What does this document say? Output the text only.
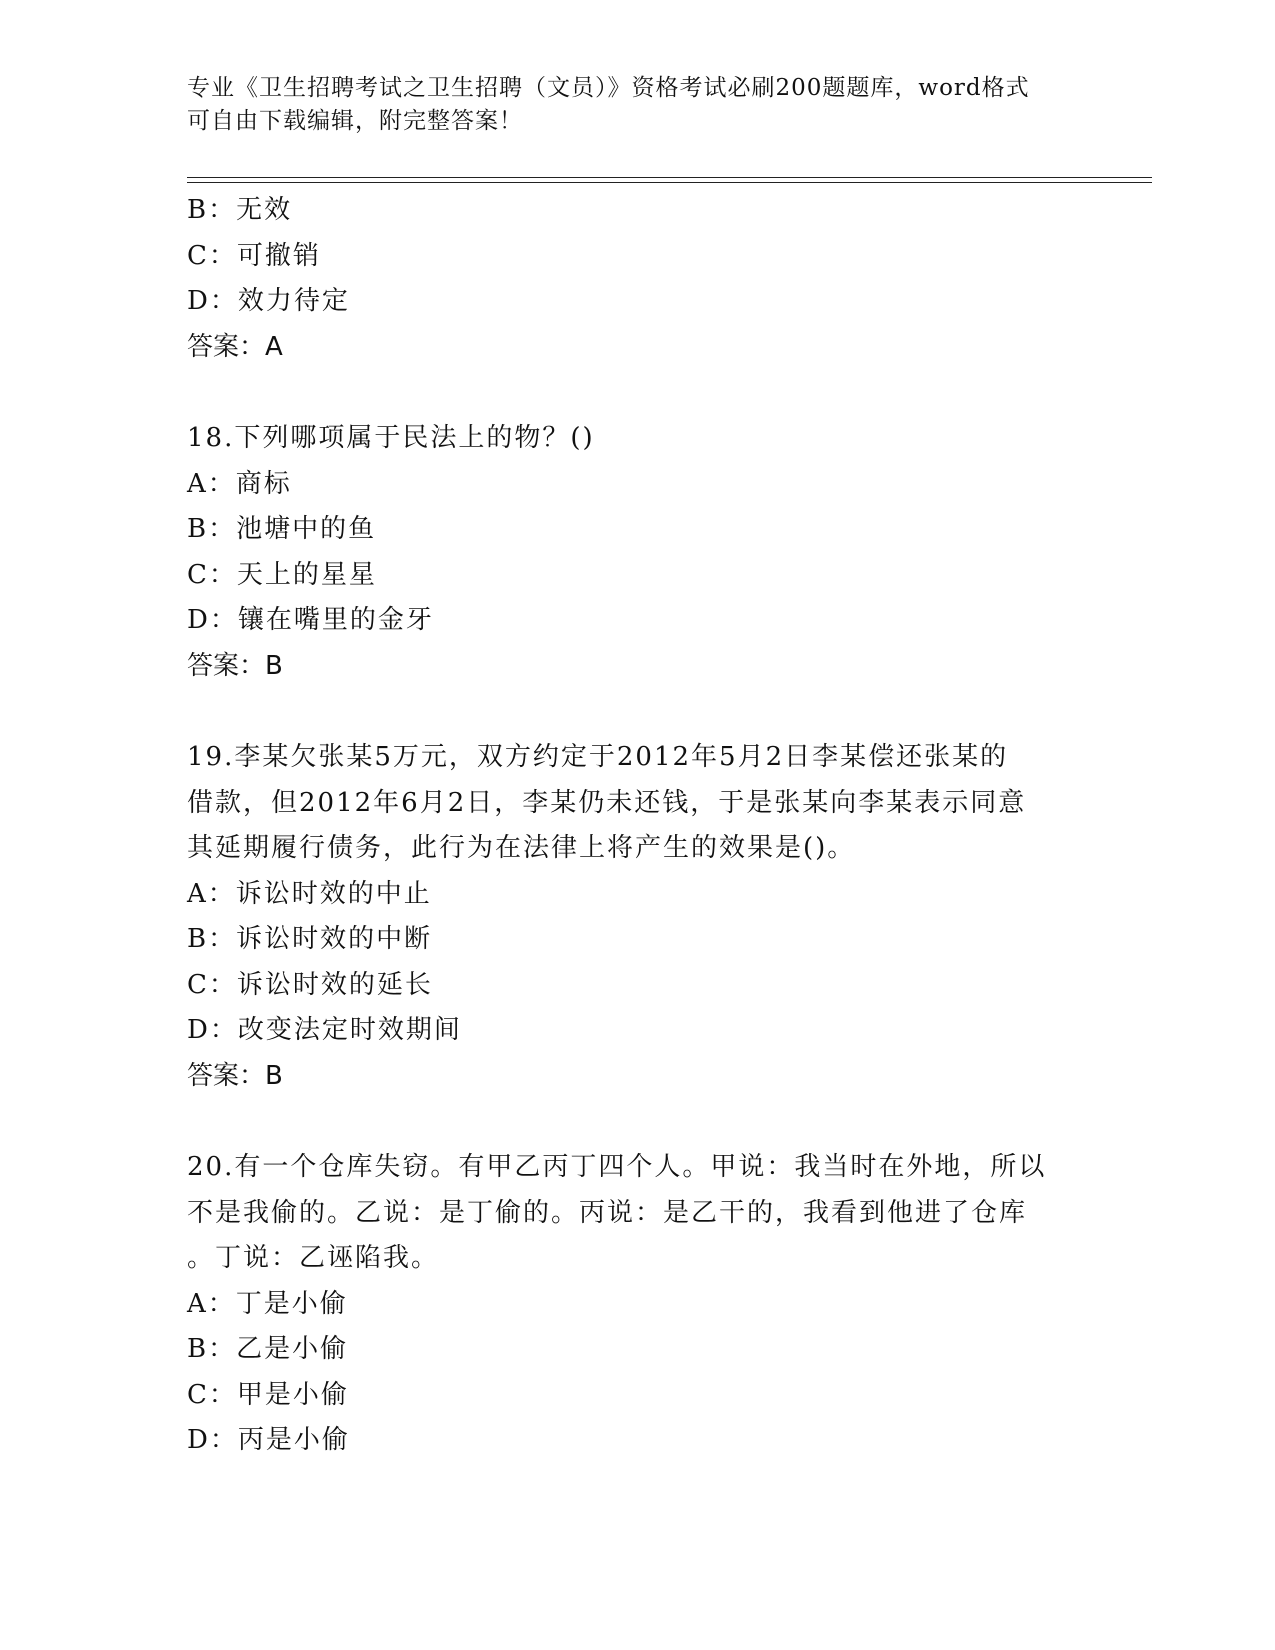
专业《卫生招聘考试之卫生招聘（文员）》资格考试必刷200题题库，word格式
可自由下载编辑，附完整答案！
B：无效
C：可撤销
D：效力待定
答案：A
18.下列哪项属于民法上的物？()
A：商标
B：池塘中的鱼
C：天上的星星
D：镶在嘴里的金牙
答案：B
19.李某欠张某5万元，双方约定于2012年5月2日李某偿还张某的
借款，但2012年6月2日，李某仍未还钱，于是张某向李某表示同意
其延期履行债务，此行为在法律上将产生的效果是()。
A：诉讼时效的中止
B：诉讼时效的中断
C：诉讼时效的延长
D：改变法定时效期间
答案：B
20.有一个仓库失窃。有甲乙丙丁四个人。甲说：我当时在外地，所以
不是我偷的。乙说：是丁偷的。丙说：是乙干的，我看到他进了仓库
。丁说：乙诬陷我。
A：丁是小偷
B：乙是小偷
C：甲是小偷
D：丙是小偷
